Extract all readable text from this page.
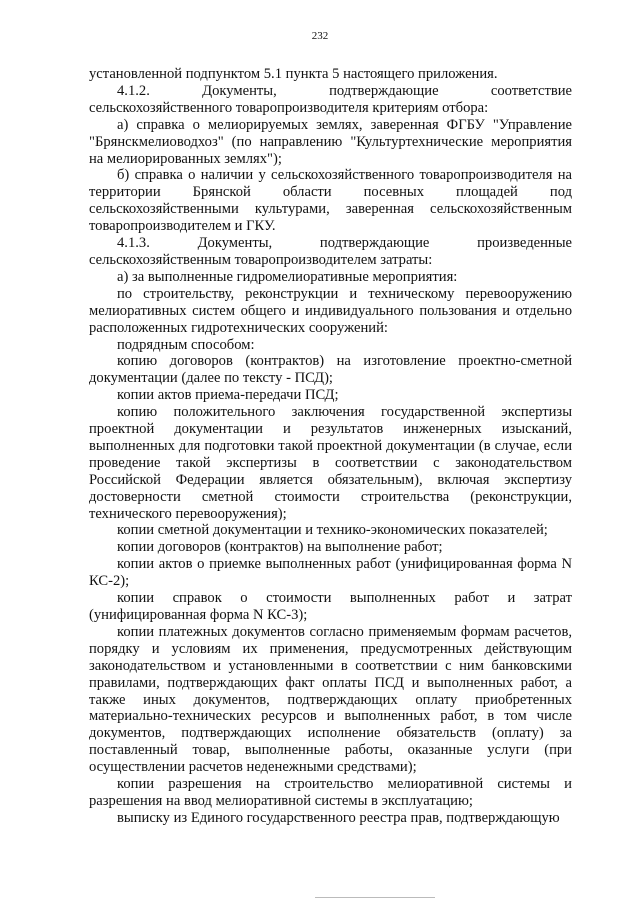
232

установленной подпунктом 5.1 пункта 5 настоящего приложения.

4.1.2. Документы, подтверждающие соответствие сельскохозяйственного товаропроизводителя критериям отбора:

а) справка о мелиорируемых землях, заверенная ФГБУ "Управление "Брянскмелиоводхоз" (по направлению "Культуртехнические мероприятия на мелиорированных землях");

б) справка о наличии у сельскохозяйственного товаропроизводителя на территории Брянской области посевных площадей под сельскохозяйственными культурами, заверенная сельскохозяйственным товаропроизводителем и ГКУ.

4.1.3. Документы, подтверждающие произведенные сельскохозяйственным товаропроизводителем затраты:

а) за выполненные гидромелиоративные мероприятия:

по строительству, реконструкции и техническому перевооружению мелиоративных систем общего и индивидуального пользования и отдельно расположенных гидротехнических сооружений:

подрядным способом:

копию договоров (контрактов) на изготовление проектно-сметной документации (далее по тексту - ПСД);

копии актов приема-передачи ПСД;

копию положительного заключения государственной экспертизы проектной документации и результатов инженерных изысканий, выполненных для подготовки такой проектной документации (в случае, если проведение такой экспертизы в соответствии с законодательством Российской Федерации является обязательным), включая экспертизу достоверности сметной стоимости строительства (реконструкции, технического перевооружения);

копии сметной документации и технико-экономических показателей;

копии договоров (контрактов) на выполнение работ;

копии актов о приемке выполненных работ (унифицированная форма N КС-2);

копии справок о стоимости выполненных работ и затрат (унифицированная форма N КС-3);

копии платежных документов согласно применяемым формам расчетов, порядку и условиям их применения, предусмотренных действующим законодательством и установленными в соответствии с ним банковскими правилами, подтверждающих факт оплаты ПСД и выполненных работ, а также иных документов, подтверждающих оплату приобретенных материально-технических ресурсов и выполненных работ, в том числе документов, подтверждающих исполнение обязательств (оплату) за поставленный товар, выполненные работы, оказанные услуги (при осуществлении расчетов неденежными средствами);

копии разрешения на строительство мелиоративной системы и разрешения на ввод мелиоративной системы в эксплуатацию;

выписку из Единого государственного реестра прав, подтверждающую
